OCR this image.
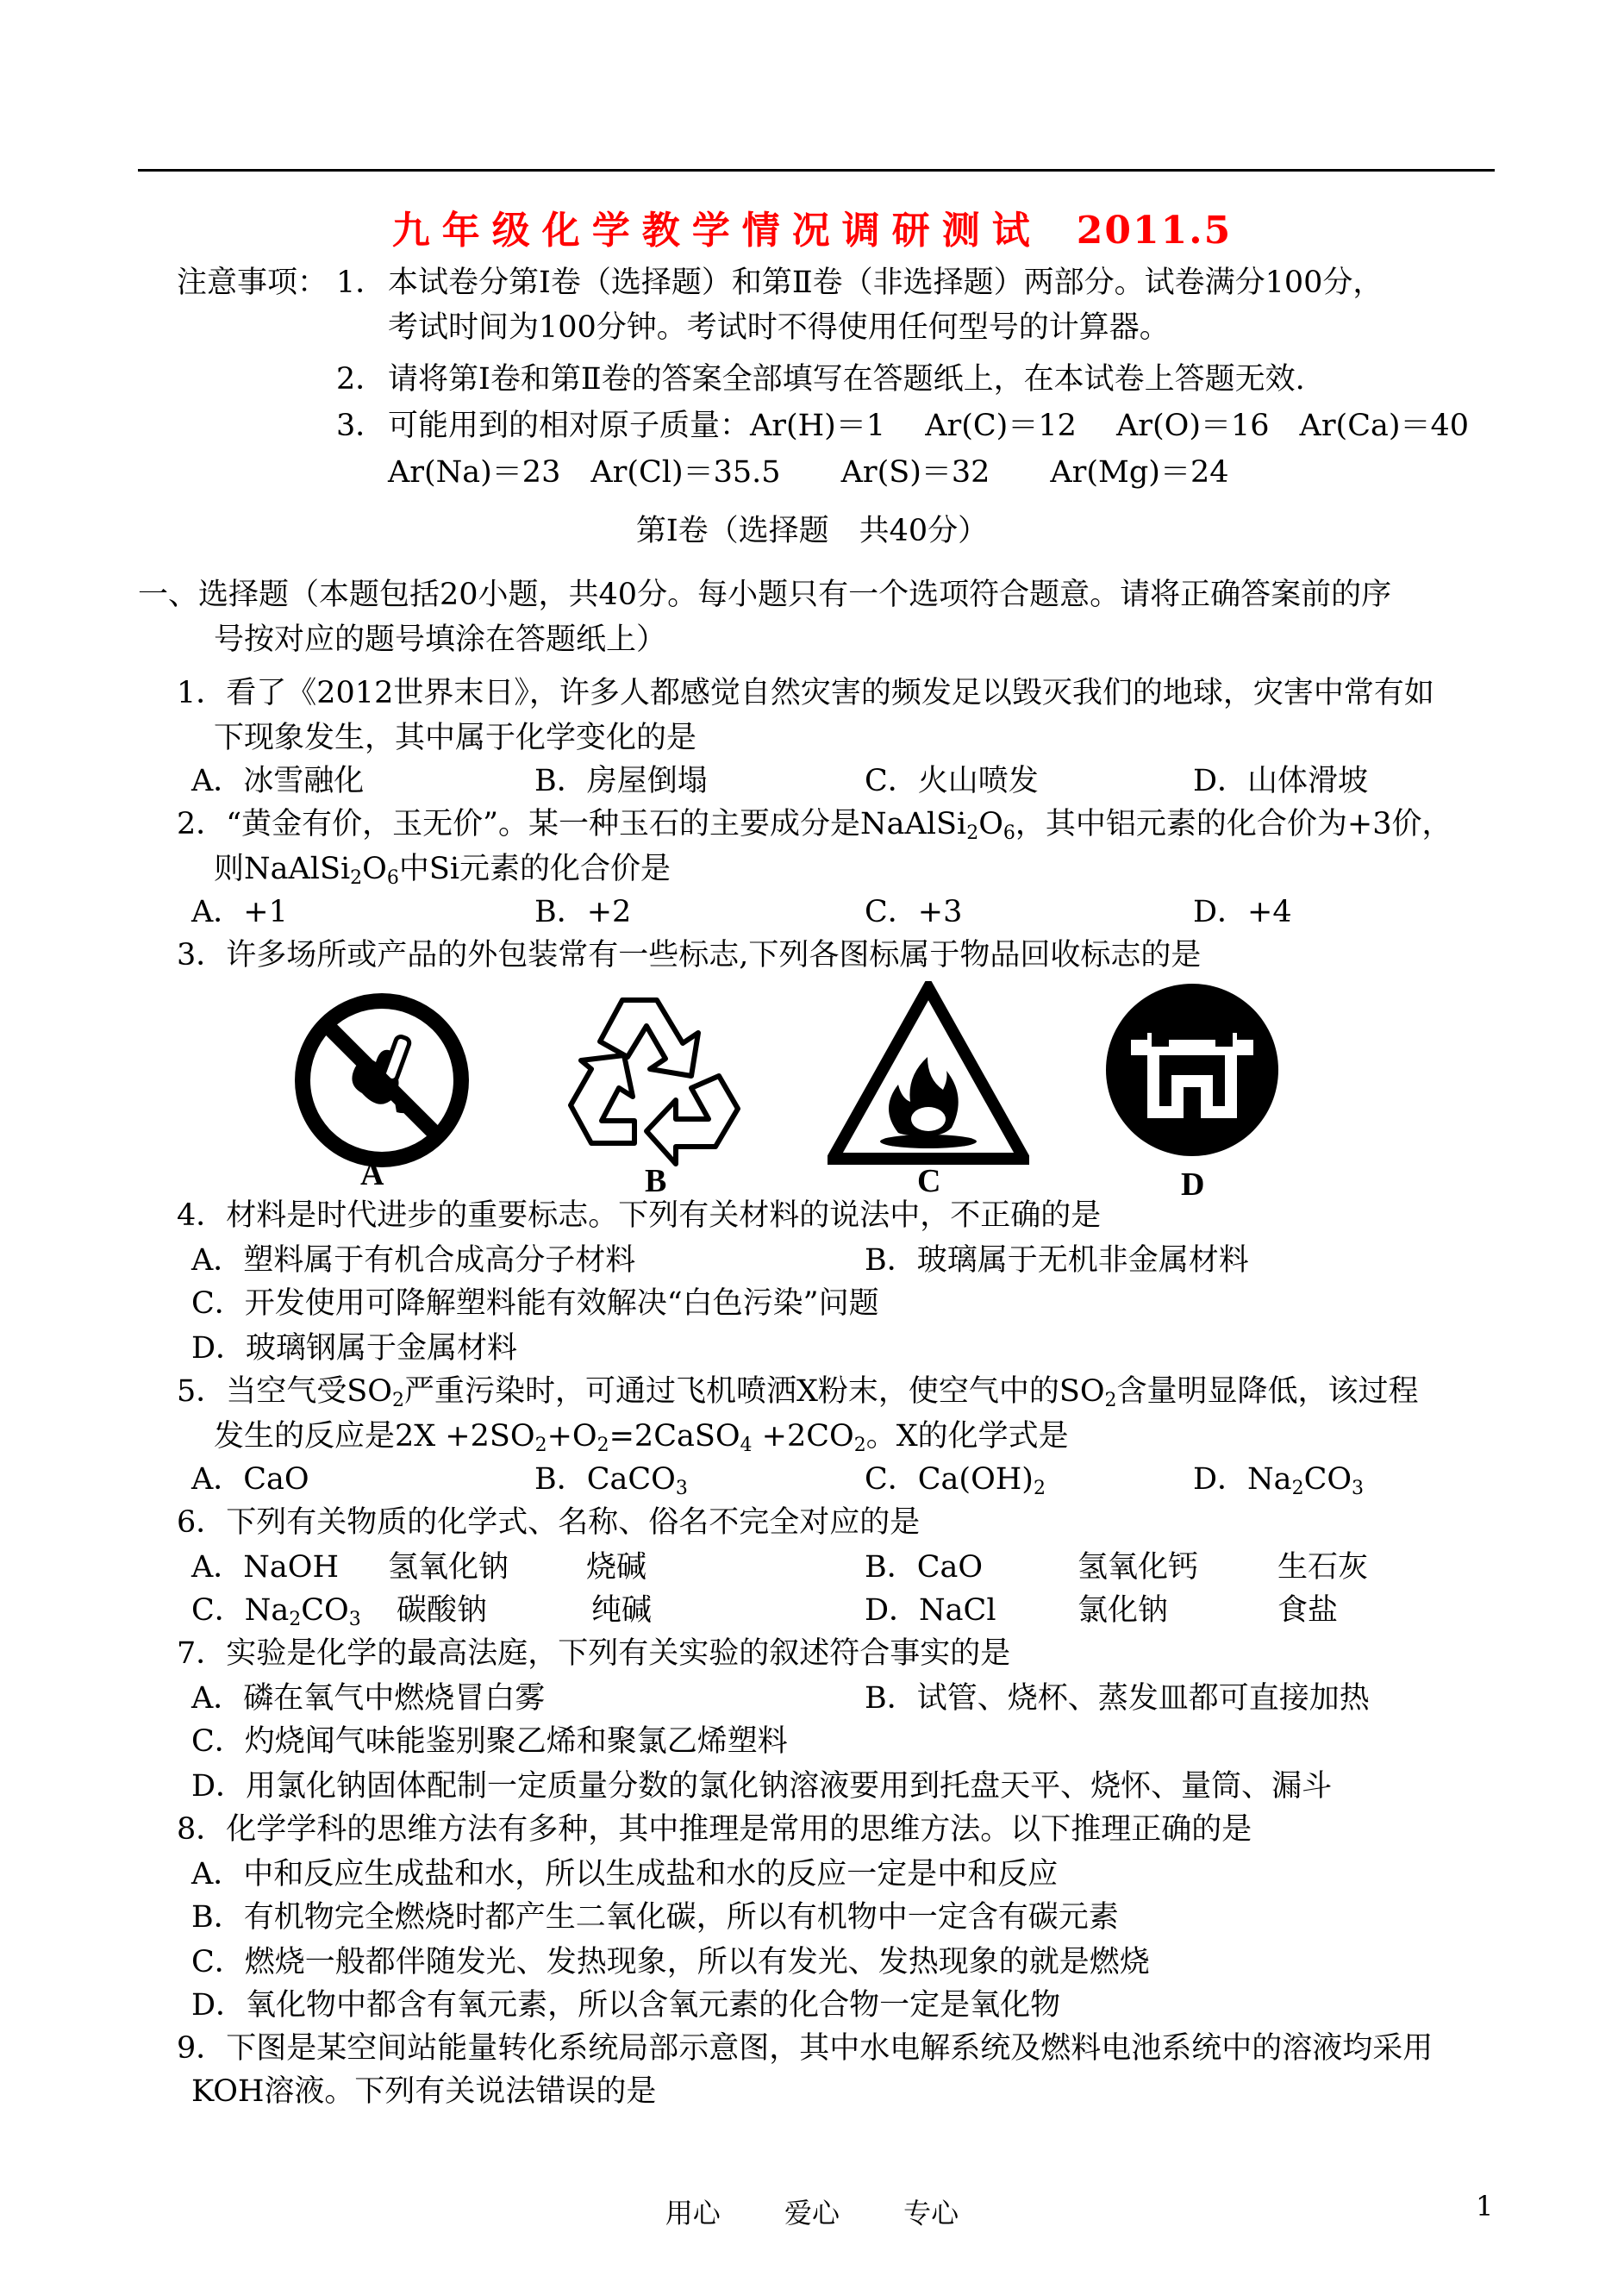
九年级化学教学情况调研测试 2011.5
注意事项： 1． 本试卷分第Ⅰ卷（选择题）和第Ⅱ卷（非选择题）两部分。试卷满分100分，
考试时间为100分钟。考试时不得使用任何型号的计算器。
2． 请将第Ⅰ卷和第Ⅱ卷的答案全部填写在答题纸上，在本试卷上答题无效.
3． 可能用到的相对原子质量：Ar(H)＝1　 Ar(C)＝12　 Ar(O)＝16　Ar(Ca)＝40
Ar(Na)＝23　Ar(Cl)＝35.5　　Ar(S)＝32　　Ar(Mg)＝24
第Ⅰ卷（选择题　共40分）
一、选择题（本题包括20小题，共40分。每小题只有一个选项符合题意。请将正确答案前的序
号按对应的题号填涂在答题纸上）
1．看了《2012世界末日》，许多人都感觉自然灾害的频发足以毁灭我们的地球，灾害中常有如
下现象发生，其中属于化学变化的是
A．冰雪融化	B．房屋倒塌	C．火山喷发	D．山体滑坡
2．“黄金有价，玉无价”。某一种玉石的主要成分是$NaAlSi_2O_6$，其中铝元素的化合价为+3价，
则$NaAlSi_2O_6$中Si元素的化合价是
A．+1	B．+2	C．+3	D．+4
3．许多场所或产品的外包装常有一些标志,下列各图标属于物品回收标志的是
A	B	C	D
4．材料是时代进步的重要标志。下列有关材料的说法中，不正确的是
A．塑料属于有机合成高分子材料	B．玻璃属于无机非金属材料
C．开发使用可降解塑料能有效解决“白色污染”问题
D．玻璃钢属于金属材料
5．当空气受$SO_2$严重污染时，可通过飞机喷洒X粉末，使空气中的$SO_2$含量明显降低，该过程
发生的反应是$2X +2SO_2+O_2=2CaSO_4 +2CO_2$。X的化学式是
A．CaO	B．CaCO$_3$	C．$Ca(OH)_2$	D．$Na_2CO_3$
6．下列有关物质的化学式、名称、俗名不完全对应的是
A．NaOH 氢氧化钠	烧碱	B．CaO	氢氧化钙	生石灰
C．$Na_2CO_3$ 碳酸钠	纯碱	D．NaCl	氯化钠	食盐
7．实验是化学的最高法庭，下列有关实验的叙述符合事实的是
A．磷在氧气中燃烧冒白雾	B．试管、烧杯、蒸发皿都可直接加热
C．灼烧闻气味能鉴别聚乙烯和聚氯乙烯塑料
D．用氯化钠固体配制一定质量分数的氯化钠溶液要用到托盘天平、烧怀、量筒、漏斗
8．化学学科的思维方法有多种，其中推理是常用的思维方法。以下推理正确的是
A．中和反应生成盐和水，所以生成盐和水的反应一定是中和反应
B．有机物完全燃烧时都产生二氧化碳，所以有机物中一定含有碳元素
C．燃烧一般都伴随发光、发热现象，所以有发光、发热现象的就是燃烧
D．氧化物中都含有氧元素，所以含氧元素的化合物一定是氧化物
9．下图是某空间站能量转化系统局部示意图，其中水电解系统及燃料电池系统中的溶液均采用
KOH溶液。下列有关说法错误的是
用心 爱心 专心	1
